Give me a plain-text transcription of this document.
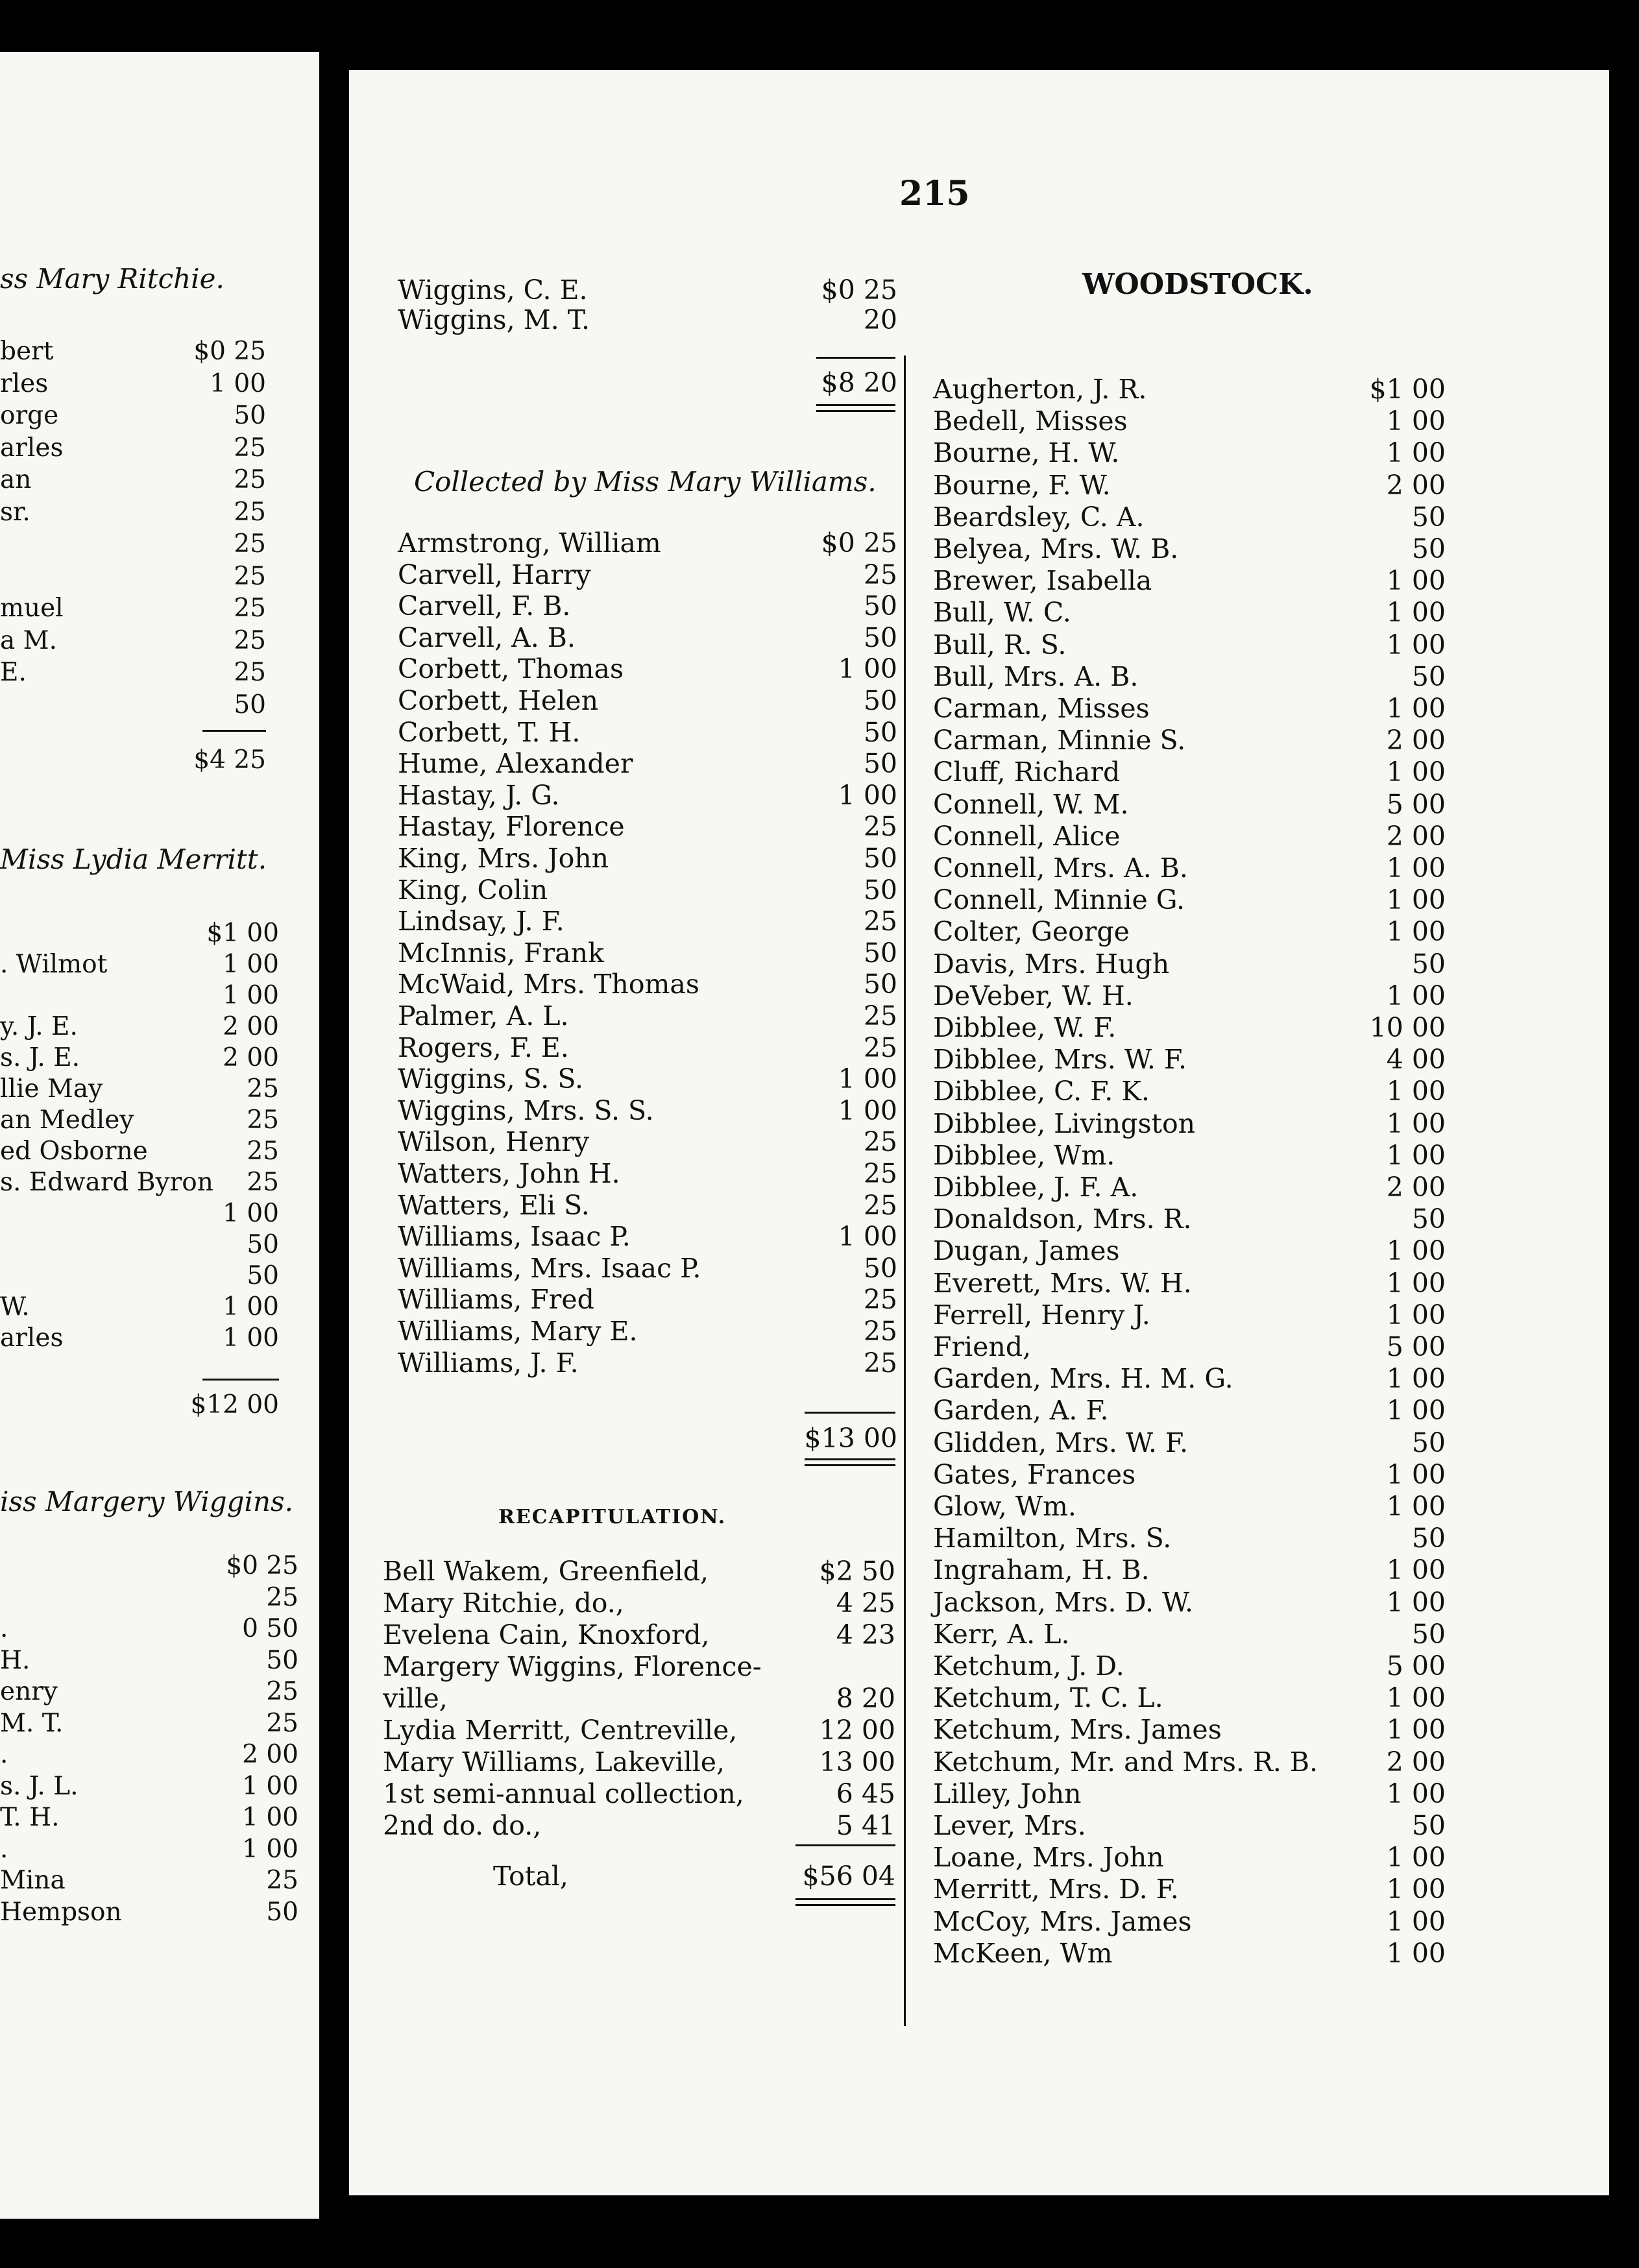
ss Mary Ritchie.
bert	$0 25
rles	1 00
orge	50
arles	25
an	25
sr.	25
25
25
muel	25
a M.	25
E.	25
50
$4 25
Miss Lydia Merritt.
$1 00
. Wilmot	1 00
1 00
y. J. E.	2 00
s. J. E.	2 00
llie May	25
an Medley	25
ed Osborne	25
s. Edward Byron 25
1 00
50
50
W.	1 00
arles	1 00
$12 00
iss Margery Wiggins.
$0 25
25
.	0 50
H.	50
enry	25
M. T.	25
.	2 00
s. J. L.	1 00
T. H.	1 00
.	1 00
Mina	25
Hempson	50
215
Wiggins, C. E.	$0 25
Wiggins, M. T.	20
$8 20
Collected by Miss Mary Williams.
Armstrong, William	$0 25
Carvell, Harry	25
Carvell, F. B.	50
Carvell, A. B.	50
Corbett, Thomas	1 00
Corbett, Helen	50
Corbett, T. H.	50
Hume, Alexander	50
Hastay, J. G.	1 00
Hastay, Florence	25
King, Mrs. John	50
King, Colin	50
Lindsay, J. F.	25
McInnis, Frank	50
McWaid, Mrs. Thomas	50
Palmer, A. L.	25
Rogers, F. E.	25
Wiggins, S. S.	1 00
Wiggins, Mrs. S. S.	1 00
Wilson, Henry	25
Watters, John H.	25
Watters, Eli S.	25
Williams, Isaac P.	1 00
Williams, Mrs. Isaac P.	50
Williams, Fred	25
Williams, Mary E.	25
Williams, J. F.	25
$13 00
RECAPITULATION.
Bell Wakem, Greenfield,	$2 50
Mary Ritchie, do.,	4 25
Evelena Cain, Knoxford,	4 23
Margery Wiggins, Florence-
ville,	8 20
Lydia Merritt, Centreville,	12 00
Mary Williams, Lakeville,	13 00
1st semi-annual collection,	6 45
2nd do. do.,	5 41
Total,	$56 04
WOODSTOCK.
Augherton, J. R.	$1 00
Bedell, Misses	1 00
Bourne, H. W.	1 00
Bourne, F. W.	2 00
Beardsley, C. A.	50
Belyea, Mrs. W. B.	50
Brewer, Isabella	1 00
Bull, W. C.	1 00
Bull, R. S.	1 00
Bull, Mrs. A. B.	50
Carman, Misses	1 00
Carman, Minnie S.	2 00
Cluff, Richard	1 00
Connell, W. M.	5 00
Connell, Alice	2 00
Connell, Mrs. A. B.	1 00
Connell, Minnie G.	1 00
Colter, George	1 00
Davis, Mrs. Hugh	50
DeVeber, W. H.	1 00
Dibblee, W. F.	10 00
Dibblee, Mrs. W. F.	4 00
Dibblee, C. F. K.	1 00
Dibblee, Livingston	1 00
Dibblee, Wm.	1 00
Dibblee, J. F. A.	2 00
Donaldson, Mrs. R.	50
Dugan, James	1 00
Everett, Mrs. W. H.	1 00
Ferrell, Henry J.	1 00
Friend,	5 00
Garden, Mrs. H. M. G.	1 00
Garden, A. F.	1 00
Glidden, Mrs. W. F.	50
Gates, Frances	1 00
Glow, Wm.	1 00
Hamilton, Mrs. S.	50
Ingraham, H. B.	1 00
Jackson, Mrs. D. W.	1 00
Kerr, A. L.	50
Ketchum, J. D.	5 00
Ketchum, T. C. L.	1 00
Ketchum, Mrs. James	1 00
Ketchum, Mr. and Mrs. R. B.	2 00
Lilley, John	1 00
Lever, Mrs.	50
Loane, Mrs. John	1 00
Merritt, Mrs. D. F.	1 00
McCoy, Mrs. James	1 00
McKeen, Wm	1 00
